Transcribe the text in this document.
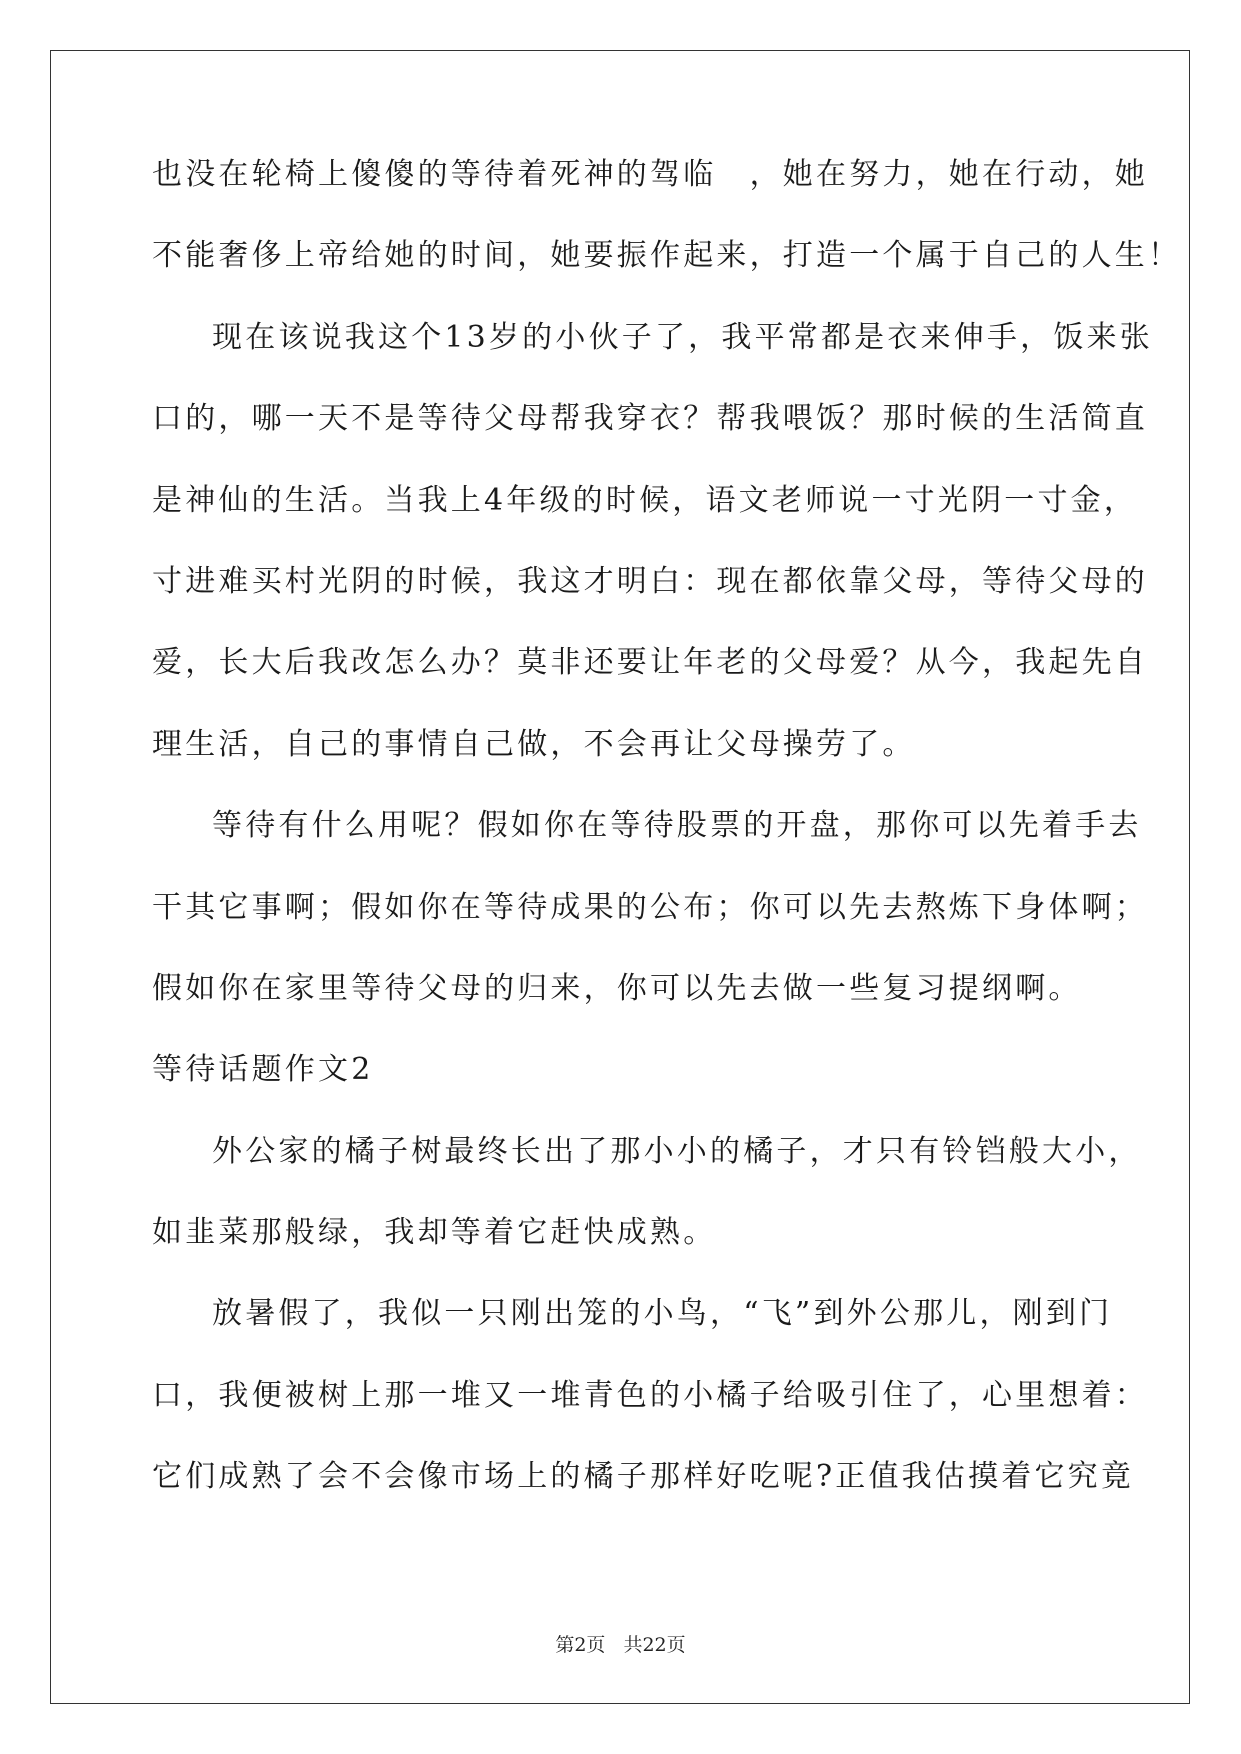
也没在轮椅上傻傻的等待着死神的驾临　，她在努力，她在行动，她
不能奢侈上帝给她的时间，她要振作起来，打造一个属于自己的人生！
现在该说我这个13岁的小伙子了，我平常都是衣来伸手，饭来张
口的，哪一天不是等待父母帮我穿衣？帮我喂饭？那时候的生活简直
是神仙的生活。当我上4年级的时候，语文老师说一寸光阴一寸金，
寸进难买村光阴的时候，我这才明白：现在都依靠父母，等待父母的
爱，长大后我改怎么办？莫非还要让年老的父母爱？从今，我起先自
理生活，自己的事情自己做，不会再让父母操劳了。
等待有什么用呢？假如你在等待股票的开盘，那你可以先着手去
干其它事啊；假如你在等待成果的公布；你可以先去熬炼下身体啊；
假如你在家里等待父母的归来，你可以先去做一些复习提纲啊。
等待话题作文2
外公家的橘子树最终长出了那小小的橘子，才只有铃铛般大小，
如韭菜那般绿，我却等着它赶快成熟。
放暑假了，我似一只刚出笼的小鸟，“飞”到外公那儿，刚到门
口，我便被树上那一堆又一堆青色的小橘子给吸引住了，心里想着：
它们成熟了会不会像市场上的橘子那样好吃呢?正值我估摸着它究竟
第2页 共22页
